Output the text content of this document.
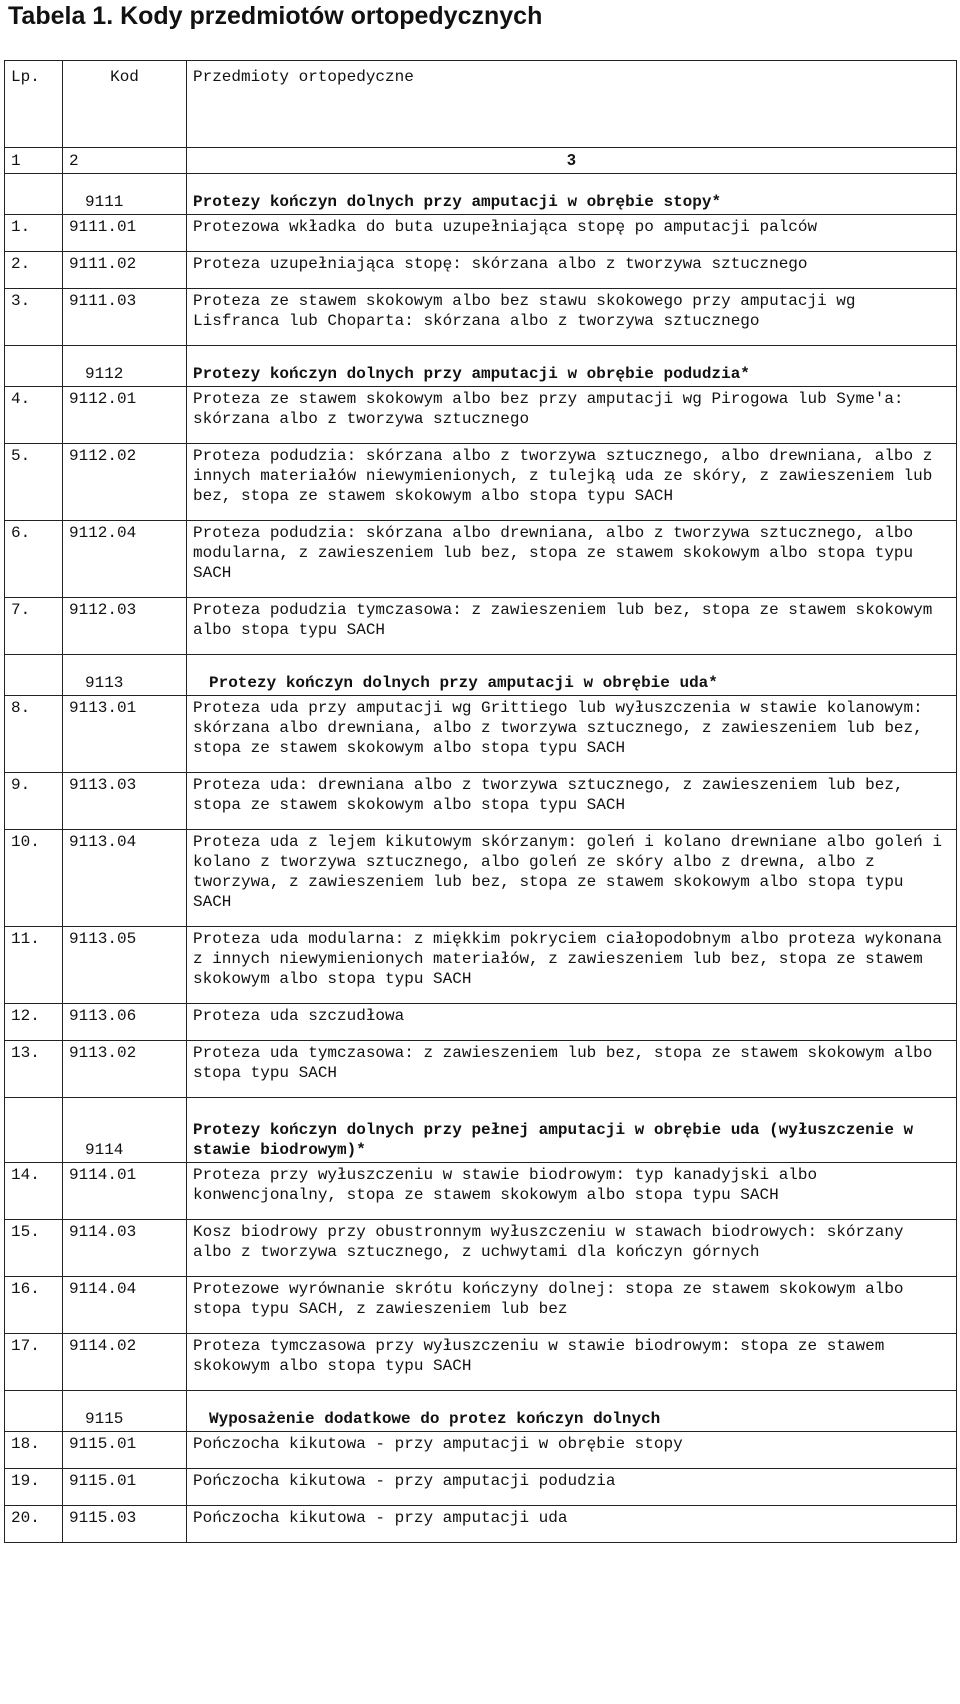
Tabela 1. Kody przedmiotów ortopedycznych
Lp.	Kod	Przedmioty ortopedyczne
1	2	3
	9111	Protezy kończyn dolnych przy amputacji w obrębie stopy*
1.	9111.01	Protezowa wkładka do buta uzupełniająca stopę po amputacji palców
2.	9111.02	Proteza uzupełniająca stopę: skórzana albo z tworzywa sztucznego
3.	9111.03	Proteza ze stawem skokowym albo bez stawu skokowego przy amputacji wg Lisfranca lub Choparta: skórzana albo z tworzywa sztucznego
	9112	Protezy kończyn dolnych przy amputacji w obrębie podudzia*
4.	9112.01	Proteza ze stawem skokowym albo bez przy amputacji wg Pirogowa lub Syme'a: skórzana albo z tworzywa sztucznego
5.	9112.02	Proteza podudzia: skórzana albo z tworzywa sztucznego, albo drewniana, albo z innych materiałów niewymienionych, z tulejką uda ze skóry, z zawieszeniem lub bez, stopa ze stawem skokowym albo stopa typu SACH
6.	9112.04	Proteza podudzia: skórzana albo drewniana, albo z tworzywa sztucznego, albo modularna, z zawieszeniem lub bez, stopa ze stawem skokowym albo stopa typu SACH
7.	9112.03	Proteza podudzia tymczasowa: z zawieszeniem lub bez, stopa ze stawem skokowym albo stopa typu SACH
	9113	Protezy kończyn dolnych przy amputacji w obrębie uda*
8.	9113.01	Proteza uda przy amputacji wg Grittiego lub wyłuszczenia w stawie kolanowym: skórzana albo drewniana, albo z tworzywa sztucznego, z zawieszeniem lub bez, stopa ze stawem skokowym albo stopa typu SACH
9.	9113.03	Proteza uda: drewniana albo z tworzywa sztucznego, z zawieszeniem lub bez, stopa ze stawem skokowym albo stopa typu SACH
10.	9113.04	Proteza uda z lejem kikutowym skórzanym: goleń i kolano drewniane albo goleń i kolano z tworzywa sztucznego, albo goleń ze skóry albo z drewna, albo z tworzywa, z zawieszeniem lub bez, stopa ze stawem skokowym albo stopa typu SACH
11.	9113.05	Proteza uda modularna: z miękkim pokryciem ciałopodobnym albo proteza wykonana z innych niewymienionych materiałów, z zawieszeniem lub bez, stopa ze stawem skokowym albo stopa typu SACH
12.	9113.06	Proteza uda szczudłowa
13.	9113.02	Proteza uda tymczasowa: z zawieszeniem lub bez, stopa ze stawem skokowym albo stopa typu SACH
	9114	Protezy kończyn dolnych przy pełnej amputacji w obrębie uda (wyłuszczenie w stawie biodrowym)*
14.	9114.01	Proteza przy wyłuszczeniu w stawie biodrowym: typ kanadyjski albo konwencjonalny, stopa ze stawem skokowym albo stopa typu SACH
15.	9114.03	Kosz biodrowy przy obustronnym wyłuszczeniu w stawach biodrowych: skórzany albo z tworzywa sztucznego, z uchwytami dla kończyn górnych
16.	9114.04	Protezowe wyrównanie skrótu kończyny dolnej: stopa ze stawem skokowym albo stopa typu SACH, z zawieszeniem lub bez
17.	9114.02	Proteza tymczasowa przy wyłuszczeniu w stawie biodrowym: stopa ze stawem skokowym albo stopa typu SACH
	9115	Wyposażenie dodatkowe do protez kończyn dolnych
18.	9115.01	Pończocha kikutowa - przy amputacji w obrębie stopy
19.	9115.01	Pończocha kikutowa - przy amputacji podudzia
20.	9115.03	Pończocha kikutowa - przy amputacji uda
